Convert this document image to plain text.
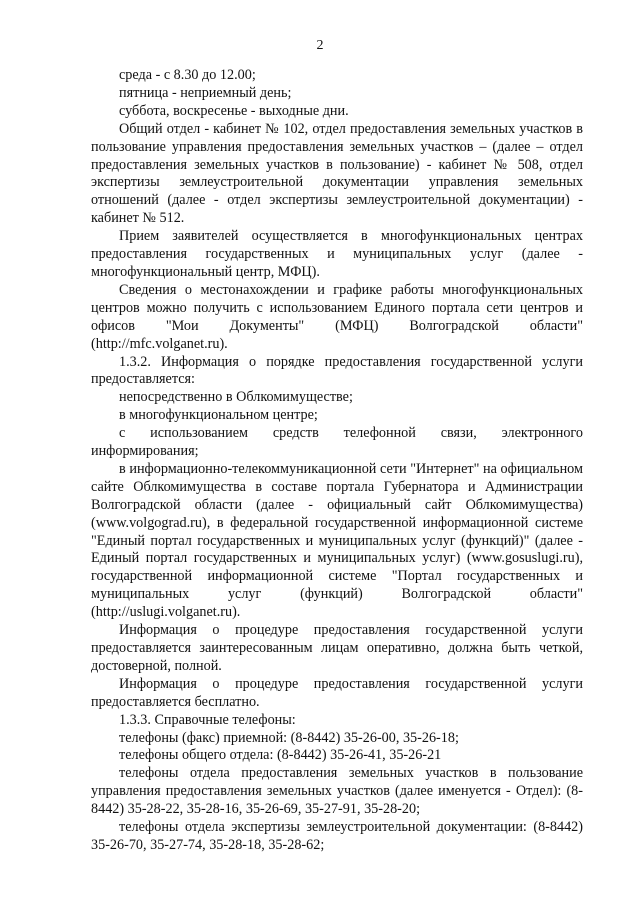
2

среда - с 8.30 до 12.00;

пятница - неприемный день;

суббота, воскресенье - выходные дни.

Общий отдел - кабинет № 102, отдел предоставления земельных участков в пользование управления предоставления земельных участков – (далее – отдел предоставления земельных участков в пользование) - кабинет № 508, отдел экспертизы землеустроительной документации управления земельных отношений (далее - отдел экспертизы землеустроительной документации) - кабинет № 512.

Прием заявителей осуществляется в многофункциональных центрах предоставления государственных и муниципальных услуг (далее - многофункциональный центр, МФЦ).

Сведения о местонахождении и графике работы многофункциональных центров можно получить с использованием Единого портала сети центров и офисов "Мои Документы" (МФЦ) Волгоградской области" (http://mfc.volganet.ru).

1.3.2. Информация о порядке предоставления государственной услуги предоставляется:

непосредственно в Облкомимуществе;

в многофункциональном центре;

с использованием средств телефонной связи, электронного информирования;

в информационно-телекоммуникационной сети "Интернет" на официальном сайте Облкомимущества в составе портала Губернатора и Администрации Волгоградской области (далее - официальный сайт Облкомимущества) (www.volgograd.ru), в федеральной государственной информационной системе "Единый портал государственных и муниципальных услуг (функций)" (далее - Единый портал государственных и муниципальных услуг) (www.gosuslugi.ru), государственной информационной системе "Портал государственных и муниципальных услуг (функций) Волгоградской области" (http://uslugi.volganet.ru).

Информация о процедуре предоставления государственной услуги предоставляется заинтересованным лицам оперативно, должна быть четкой, достоверной, полной.

Информация о процедуре предоставления государственной услуги предоставляется бесплатно.

1.3.3. Справочные телефоны:

телефоны (факс) приемной: (8-8442) 35-26-00, 35-26-18;

телефоны общего отдела: (8-8442) 35-26-41, 35-26-21

телефоны отдела предоставления земельных участков в пользование управления предоставления земельных участков (далее именуется - Отдел): (8-8442) 35-28-22, 35-28-16, 35-26-69, 35-27-91, 35-28-20;

телефоны отдела экспертизы землеустроительной документации: (8-8442) 35-26-70, 35-27-74, 35-28-18, 35-28-62;
